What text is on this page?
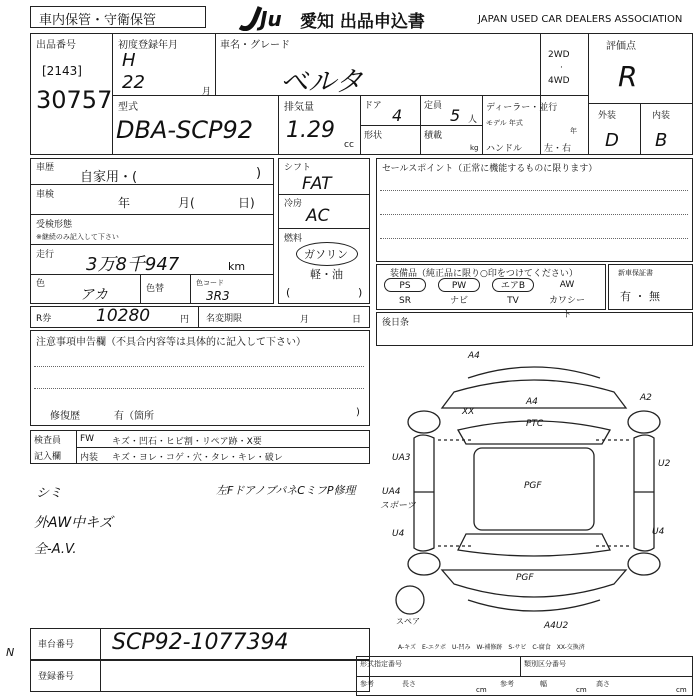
車内保管・守衛保管	Ju 愛知 出品申込書	JAPAN USED CAR DEALERS ASSOCIATION
出品番号
[2143]
30757
初度登録年月
H
22	月
車名・グレード
ベルタ
2WD
·
4WD
評価点
R
外装	内装
D B
型式
DBA-SCP92
排気量
1.29
cc
ドア 4 定員 5 人
形状	積載
kg
ディーラー・並行
モデル 年式
年
ハンドル 左・右
車歴
自家用・(	)
車検
年	月(	日)
受検形態
※継続のみ記入して下さい
走行 3万8千947	km
色
アカ	色替
色コード
3R3
シフト
FAT
冷房
AC
燃料
ガソリン
軽・油
(	)
セールスポイント（正常に機能するものに限ります）
装備品（純正品に限り○印をつけてください）	新車保証書
有 ・ 無
PS	PW	エアB	AW
SR	ナビ	TV	カワシート
R券	10280	円 名変期限	月	日 後日条
注意事項申告欄（不具合内容等は具体的に記入して下さい）
修復歴	有（箇所	)
検査員
記入欄
FW キズ・凹石・ヒビ割・リペア跡・X要
内装 キズ・ヨレ・コゲ・穴・タレ・キレ・破レ
シミ	左FドアノブパネCミフP修理
外AW中キズ
全-A.V.
A4
A4	A2
XX
PTC
UA3
U2
UA4
スポーツ
U4	U4
PGF
PGF
A4U2
スペア
A-キズ　E-エクボ　U-凹み　W-補修跡　S-サビ　C-腐食　XX-交換済
N
車台番号 SCP92-1077394
登録番号
形式指定番号	類別区分番号
参考	長さ
cm
参考	幅
cm
高さ
cm
